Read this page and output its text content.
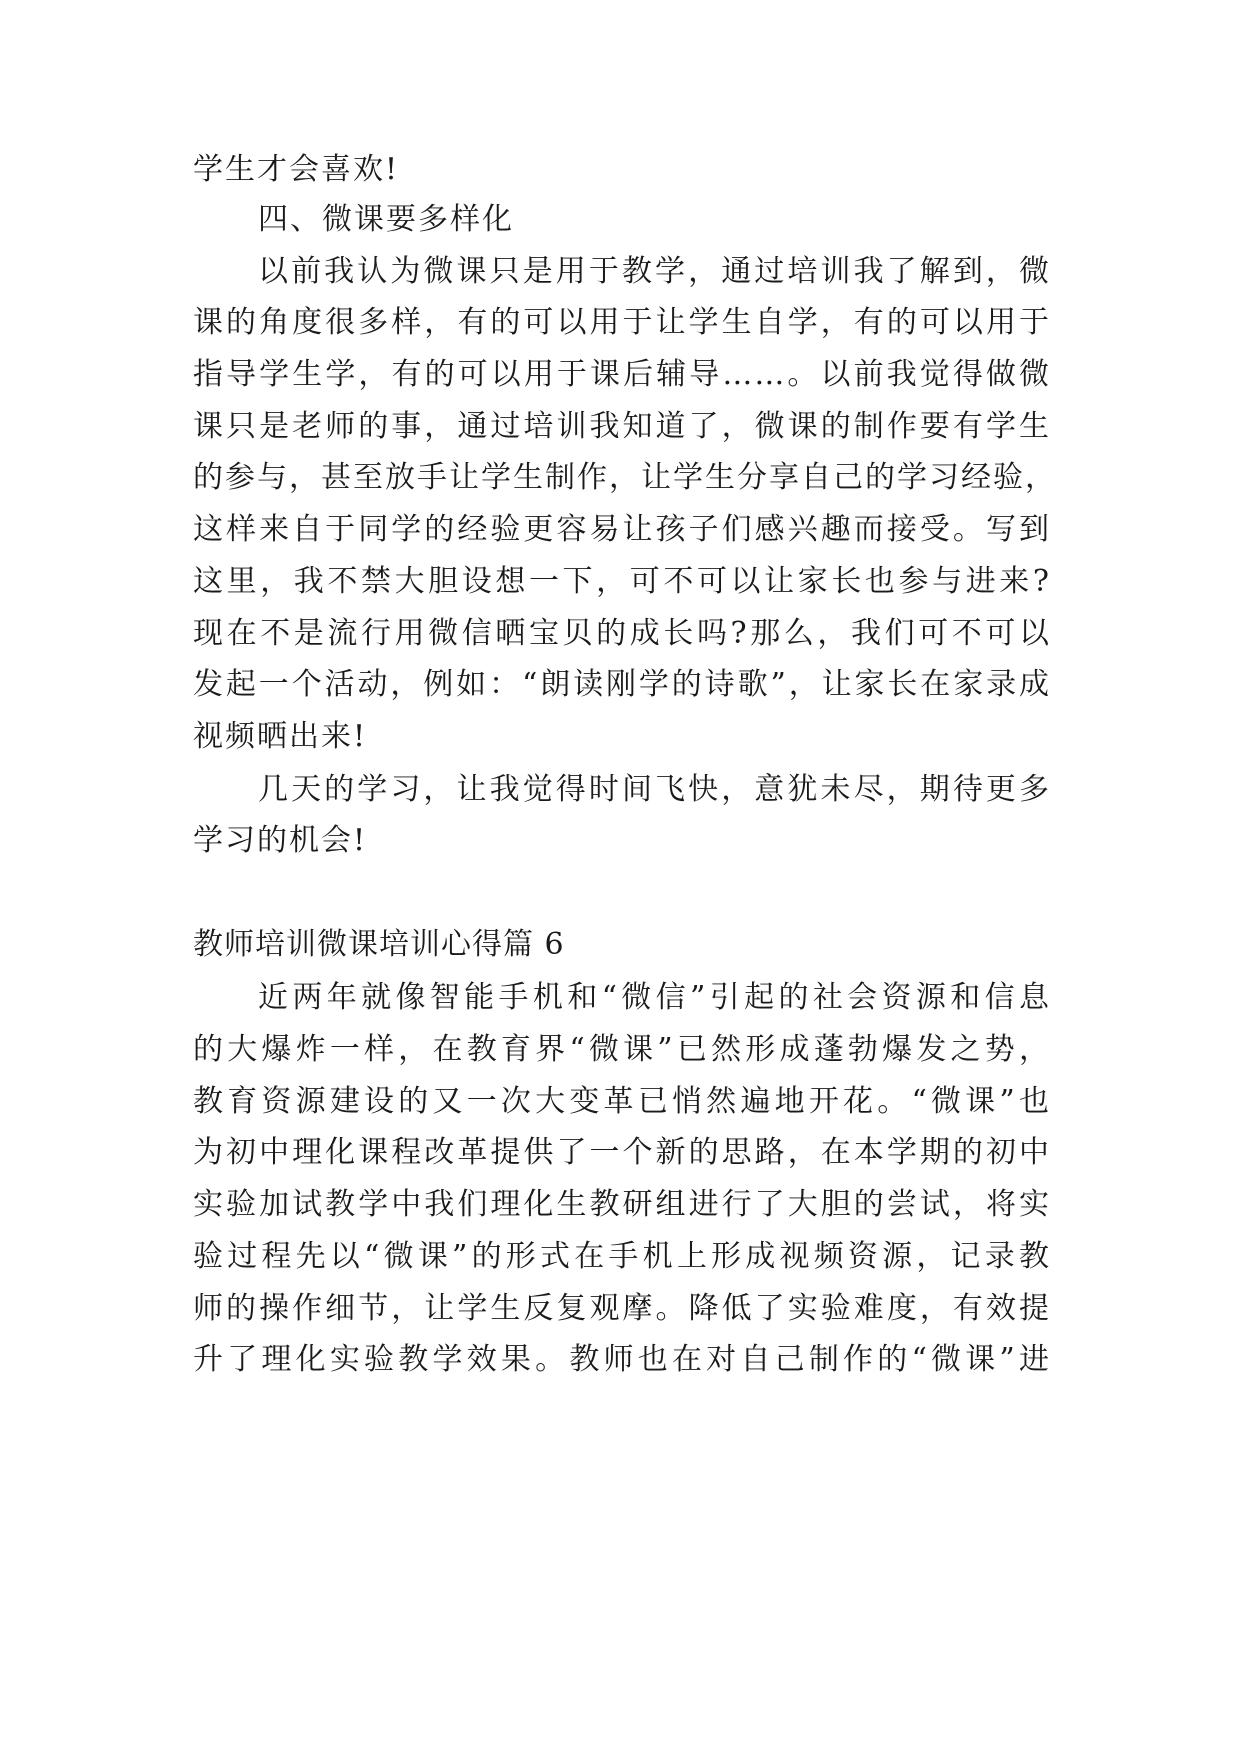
学生才会喜欢!
四、微课要多样化
以前我认为微课只是用于教学，通过培训我了解到，微
课的角度很多样，有的可以用于让学生自学，有的可以用于
指导学生学，有的可以用于课后辅导……。以前我觉得做微
课只是老师的事，通过培训我知道了，微课的制作要有学生
的参与，甚至放手让学生制作，让学生分享自己的学习经验，
这样来自于同学的经验更容易让孩子们感兴趣而接受。写到
这里，我不禁大胆设想一下，可不可以让家长也参与进来?
现在不是流行用微信晒宝贝的成长吗?那么，我们可不可以
发起一个活动，例如：“朗读刚学的诗歌”，让家长在家录成
视频晒出来!
几天的学习，让我觉得时间飞快，意犹未尽，期待更多
学习的机会!
教师培训微课培训心得篇 6
近两年就像智能手机和“微信”引起的社会资源和信息
的大爆炸一样，在教育界“微课”已然形成蓬勃爆发之势，
教育资源建设的又一次大变革已悄然遍地开花。“微课”也
为初中理化课程改革提供了一个新的思路，在本学期的初中
实验加试教学中我们理化生教研组进行了大胆的尝试，将实
验过程先以“微课”的形式在手机上形成视频资源，记录教
师的操作细节，让学生反复观摩。降低了实验难度，有效提
升了理化实验教学效果。教师也在对自己制作的“微课”进
